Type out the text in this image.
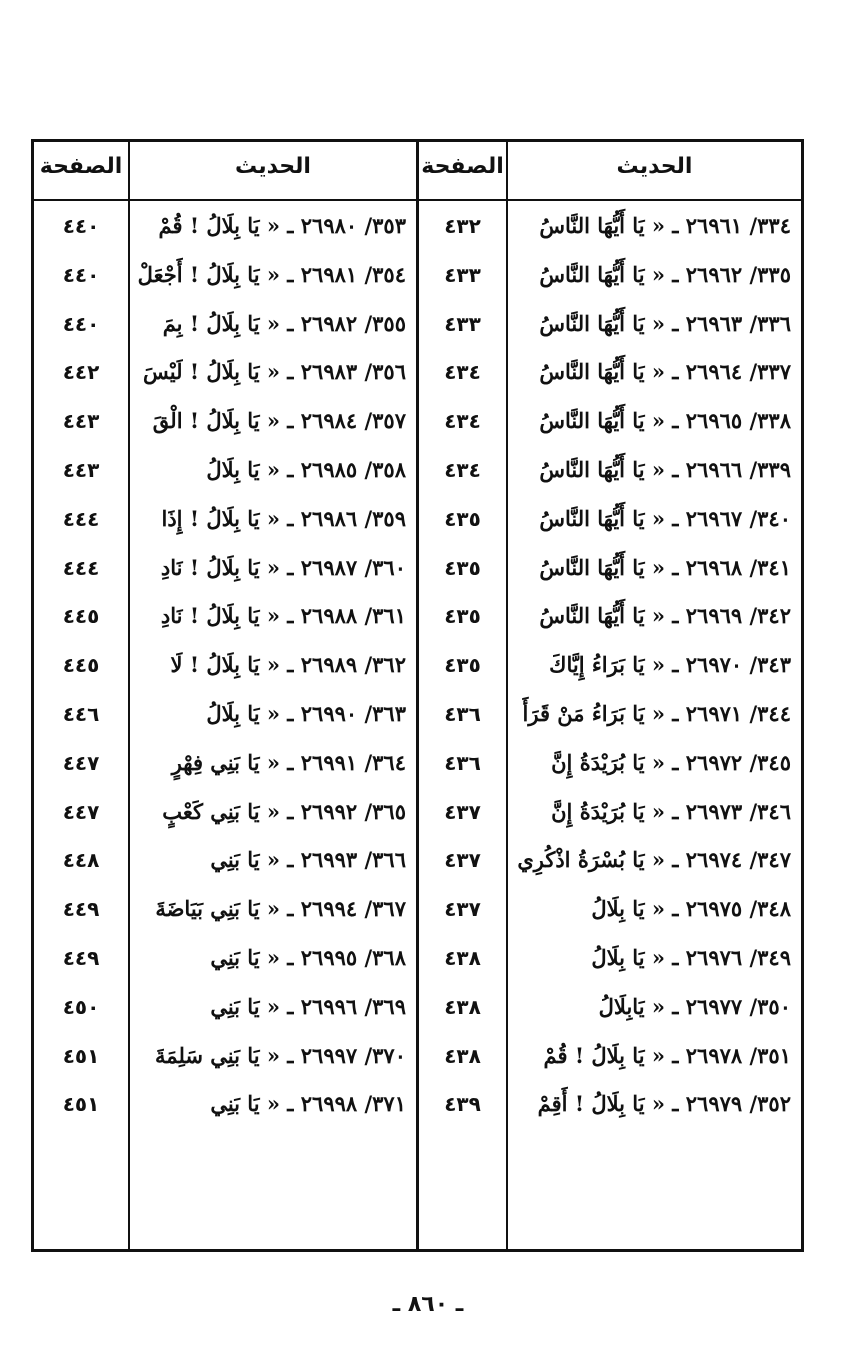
الحديث
الصفحة
الحديث
الصفحة
٣٣٤/ ٢٦٩٦١ ـ « يَا أَيُّهَا النَّاسُ
٤٣٢
٣٥٣/ ٢٦٩٨٠ ـ « يَا بِلَالُ ! قُمْ
٤٤٠
٣٣٥/ ٢٦٩٦٢ ـ « يَا أَيُّهَا النَّاسُ
٤٣٣
٣٥٤/ ٢٦٩٨١ ـ « يَا بِلَالُ ! أَجْعَلْ
٤٤٠
٣٣٦/ ٢٦٩٦٣ ـ « يَا أَيُّهَا النَّاسُ
٤٣٣
٣٥٥/ ٢٦٩٨٢ ـ « يَا بِلَالُ ! بِمَ
٤٤٠
٣٣٧/ ٢٦٩٦٤ ـ « يَا أَيُّهَا النَّاسُ
٤٣٤
٣٥٦/ ٢٦٩٨٣ ـ « يَا بِلَالُ ! لَيْسَ
٤٤٢
٣٣٨/ ٢٦٩٦٥ ـ « يَا أَيُّهَا النَّاسُ
٤٣٤
٣٥٧/ ٢٦٩٨٤ ـ « يَا بِلَالُ ! الْقَ
٤٤٣
٣٣٩/ ٢٦٩٦٦ ـ « يَا أَيُّهَا النَّاسُ
٤٣٤
٣٥٨/ ٢٦٩٨٥ ـ « يَا بِلَالُ
٤٤٣
٣٤٠/ ٢٦٩٦٧ ـ « يَا أَيُّهَا النَّاسُ
٤٣٥
٣٥٩/ ٢٦٩٨٦ ـ « يَا بِلَالُ ! إِذَا
٤٤٤
٣٤١/ ٢٦٩٦٨ ـ « يَا أَيُّهَا النَّاسُ
٤٣٥
٣٦٠/ ٢٦٩٨٧ ـ « يَا بِلَالُ ! نَادِ
٤٤٤
٣٤٢/ ٢٦٩٦٩ ـ « يَا أَيُّهَا النَّاسُ
٤٣٥
٣٦١/ ٢٦٩٨٨ ـ « يَا بِلَالُ ! نَادِ
٤٤٥
٣٤٣/ ٢٦٩٧٠ ـ « يَا بَرَاءُ إِيَّاكَ
٤٣٥
٣٦٢/ ٢٦٩٨٩ ـ « يَا بِلَالُ ! لَا
٤٤٥
٣٤٤/ ٢٦٩٧١ ـ « يَا بَرَاءُ مَنْ قَرَأَ
٤٣٦
٣٦٣/ ٢٦٩٩٠ ـ « يَا بِلَالُ
٤٤٦
٣٤٥/ ٢٦٩٧٢ ـ « يَا بُرَيْدَةُ إِنَّ
٤٣٦
٣٦٤/ ٢٦٩٩١ ـ « يَا بَنِي فِهْرٍ
٤٤٧
٣٤٦/ ٢٦٩٧٣ ـ « يَا بُرَيْدَةُ إِنَّ
٤٣٧
٣٦٥/ ٢٦٩٩٢ ـ « يَا بَنِي كَعْبٍ
٤٤٧
٣٤٧/ ٢٦٩٧٤ ـ « يَا بُسْرَةُ اذْكُرِي
٤٣٧
٣٦٦/ ٢٦٩٩٣ ـ « يَا بَنِي
٤٤٨
٣٤٨/ ٢٦٩٧٥ ـ « يَا بِلَالُ
٤٣٧
٣٦٧/ ٢٦٩٩٤ ـ « يَا بَنِي بَيَاضَةَ
٤٤٩
٣٤٩/ ٢٦٩٧٦ ـ « يَا بِلَالُ
٤٣٨
٣٦٨/ ٢٦٩٩٥ ـ « يَا بَنِي
٤٤٩
٣٥٠/ ٢٦٩٧٧ ـ « يَابِلَالُ
٤٣٨
٣٦٩/ ٢٦٩٩٦ ـ « يَا بَنِي
٤٥٠
٣٥١/ ٢٦٩٧٨ ـ « يَا بِلَالُ ! قُمْ
٤٣٨
٣٧٠/ ٢٦٩٩٧ ـ « يَا بَنِي سَلِمَةَ
٤٥١
٣٥٢/ ٢٦٩٧٩ ـ « يَا بِلَالُ ! أَقِمْ
٤٣٩
٣٧١/ ٢٦٩٩٨ ـ « يَا بَنِي
٤٥١
ـ ٨٦٠ ـ
